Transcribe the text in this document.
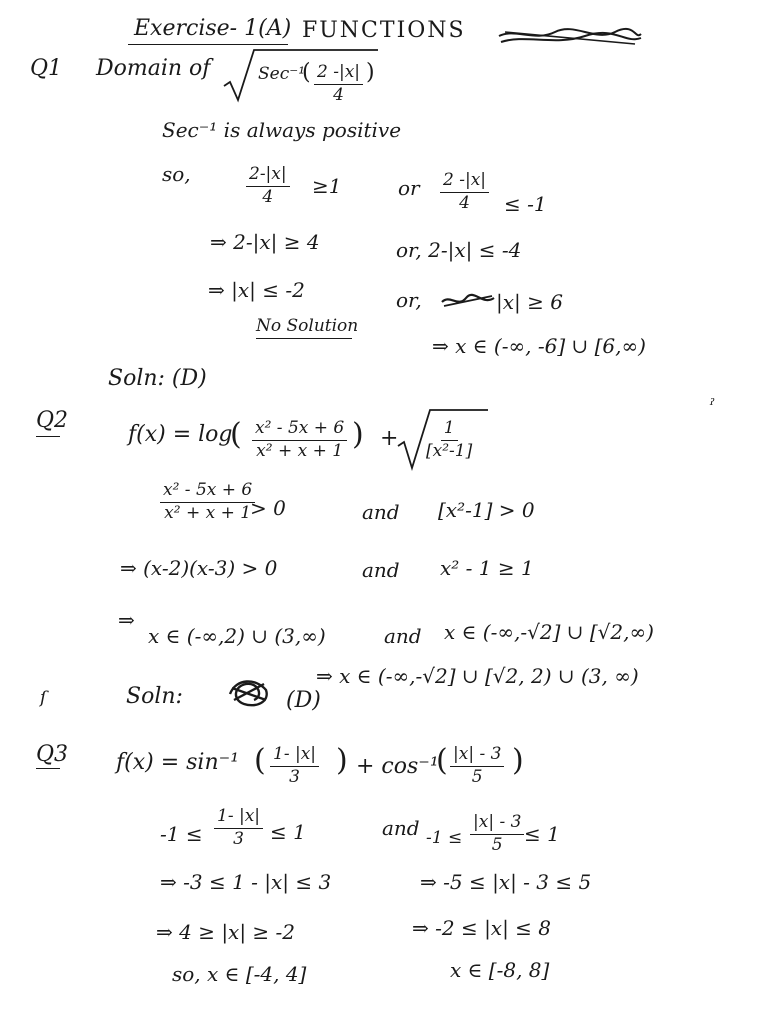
Exercise- 1(A) FUNCTIONS
Q1 Domain of	Sec⁻¹
( $\frac{2 -|x|}{4}$ )
Sec⁻¹ is always positive
so,	$\frac{2-|x|}{4} \ge 1$	or $\frac{2 -|x|}{4} \le -1$
⇒ 2-|x| ≥ 4	or, 2-|x| ≤ -4
⇒ |x| ≤ -2	or,	|x| ≥ 6
No Solution
⇒ x ∈ (-∞, -6] ∪ [6,∞)
Soln: (D)
Q2
f(x) = log
( $\frac{\text{x² - 5x + 6}}{\text{x² + x + 1}}$ ) + $\frac{1}{\text{[x²-1]}}$
$\frac{\text{x² - 5x + 6}}{\text{x² + x + 1}}$
> 0	and [x²-1] > 0
⇒ (x-2)(x-3) > 0	and x² - 1 ≥ 1
⇒
x ∈ (-∞,2) ∪ (3,∞)	and x ∈ (-∞,-√2] ∪ [√2,∞)
⇒ x ∈ (-∞,-√2] ∪ [√2, 2) ∪ (3, ∞)
Soln:	(D)
Q3 f(x) = sin⁻¹ ( $\frac{1- |x|}{3}$ ) + cos⁻¹
( $\frac{|x| - 3}{5}$ )
$-1 \le \frac{1- |x|}{3} \le 1$	and $-1 \le \frac{|x| - 3}{5} \le 1$
⇒ -3 ≤ 1 - |x| ≤ 3	⇒ -5 ≤ |x| - 3 ≤ 5
⇒ 4 ≥ |x| ≥ -2	⇒ -2 ≤ |x| ≤ 8
so, x ∈ [-4, 4]	x ∈ [-8, 8]
ſ
ˀ
